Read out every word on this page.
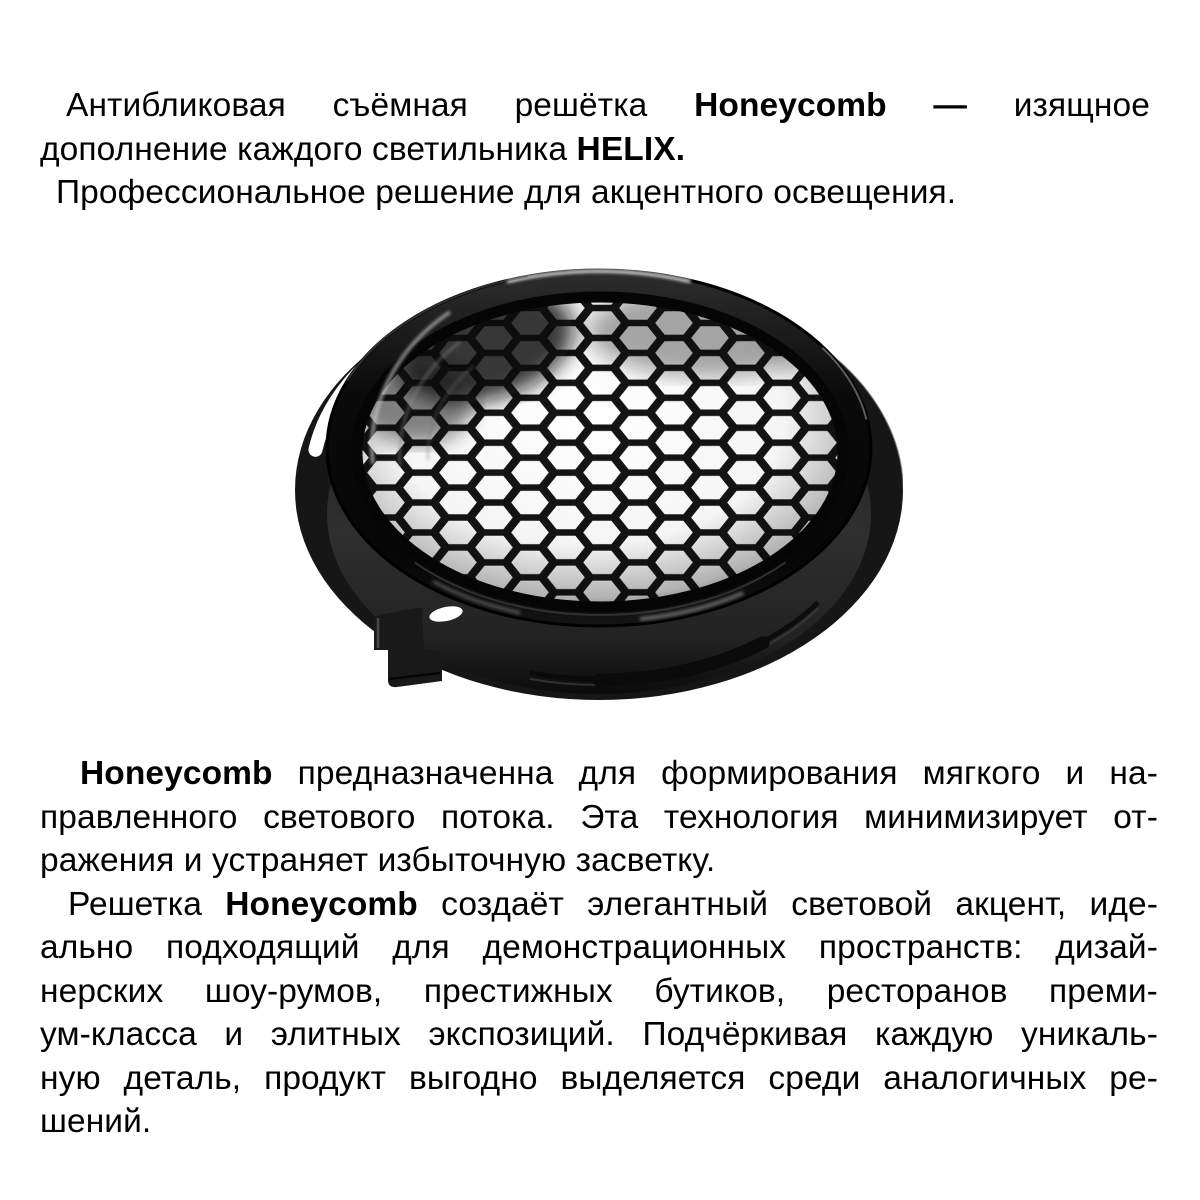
Антибликовая съёмная решётка Honeycomb — изящное
дополнение каждого светильника HELIX.
Профессиональное решение для акцентного освещения.
Honeycomb предназначенна для формирования мягкого и на-
правленного светового потока. Эта технология минимизирует от-
ражения и устраняет избыточную засветку.
Решетка Honeycomb создаёт элегантный световой акцент, иде-
ально подходящий для демонстрационных пространств: дизай-
нерских шоу-румов, престижных бутиков, ресторанов преми-
ум-класса и элитных экспозиций. Подчёркивая каждую уникаль-
ную деталь, продукт выгодно выделяется среди аналогичных ре-
шений.
